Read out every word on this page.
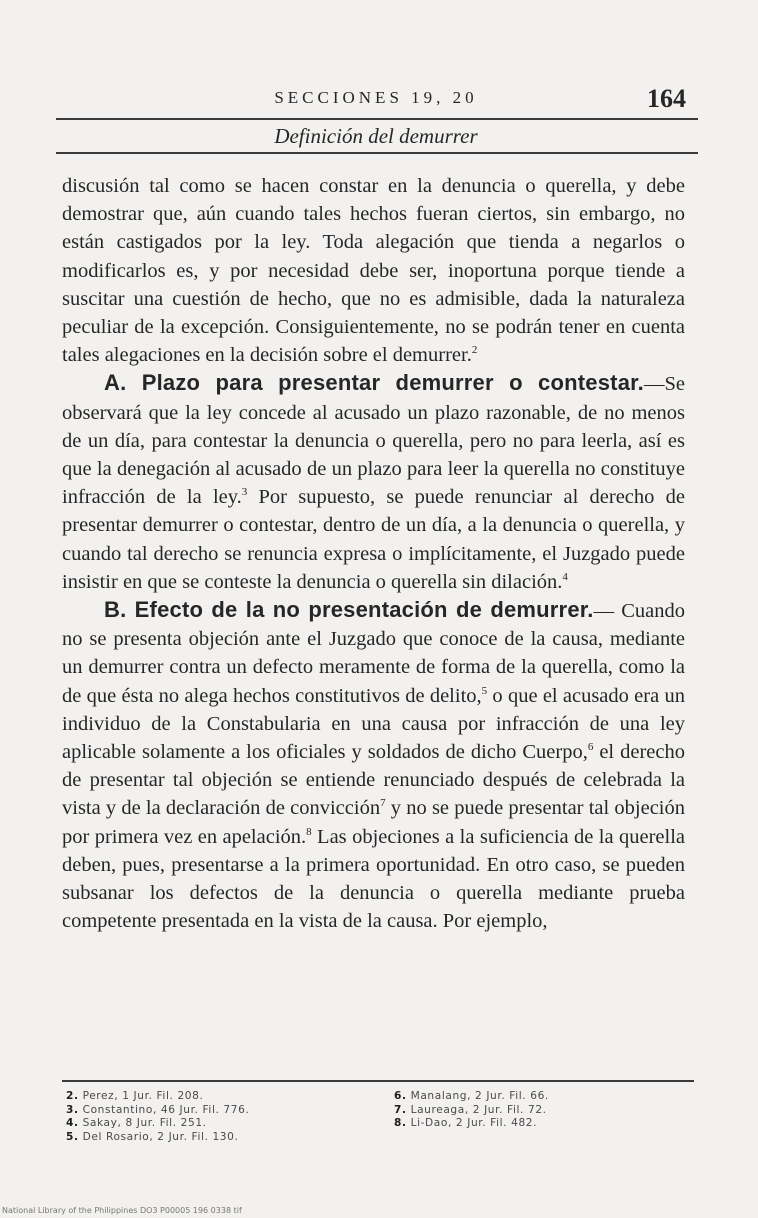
SECCIONES 19, 20	164
Definición del demurrer

discusión tal como se hacen constar en la denuncia o querella, y debe demostrar que, aún cuando tales hechos fueran ciertos, sin embargo, no están castigados por la ley. Toda alegación que tienda a negarlos o modificarlos es, y por necesidad debe ser, inoportuna porque tiende a suscitar una cuestión de hecho, que no es admisible, dada la naturaleza peculiar de la excepción. Consiguientemente, no se podrán tener en cuenta tales alegaciones en la decisión sobre el demurrer.$^2$

A. Plazo para presentar demurrer o contestar.—Se observará que la ley concede al acusado un plazo razonable, de no menos de un día, para contestar la denuncia o querella, pero no para leerla, así es que la denegación al acusado de un plazo para leer la querella no constituye infracción de la ley.$^3$ Por supuesto, se puede renunciar al derecho de presentar demurrer o contestar, dentro de un día, a la denuncia o querella, y cuando tal derecho se renuncia expresa o implícitamente, el Juzgado puede insistir en que se conteste la denuncia o querella sin dilación.$^4$

B. Efecto de la no presentación de demurrer.— Cuando no se presenta objeción ante el Juzgado que conoce de la causa, mediante un demurrer contra un defecto meramente de forma de la querella, como la de que ésta no alega hechos constitutivos de delito,$^5$ o que el acusado era un individuo de la Constabularia en una causa por infracción de una ley aplicable solamente a los oficiales y soldados de dicho Cuerpo,$^6$ el derecho de presentar tal objeción se entiende renunciado después de celebrada la vista y de la declaración de convicción$^7$ y no se puede presentar tal objeción por primera vez en apelación.$^8$ Las objeciones a la suficiencia de la querella deben, pues, presentarse a la primera oportunidad. En otro caso, se pueden subsanar los defectos de la denuncia o querella mediante prueba competente presentada en la vista de la causa. Por ejemplo,

2. Perez, 1 Jur. Fil. 208.
3. Constantino, 46 Jur. Fil. 776.
4. Sakay, 8 Jur. Fil. 251.
5. Del Rosario, 2 Jur. Fil. 130.
6. Manalang, 2 Jur. Fil. 66.
7. Laureaga, 2 Jur. Fil. 72.
8. Li-Dao, 2 Jur. Fil. 482.
National Library of the Philippines DO3 P00005 196 0338 tif
